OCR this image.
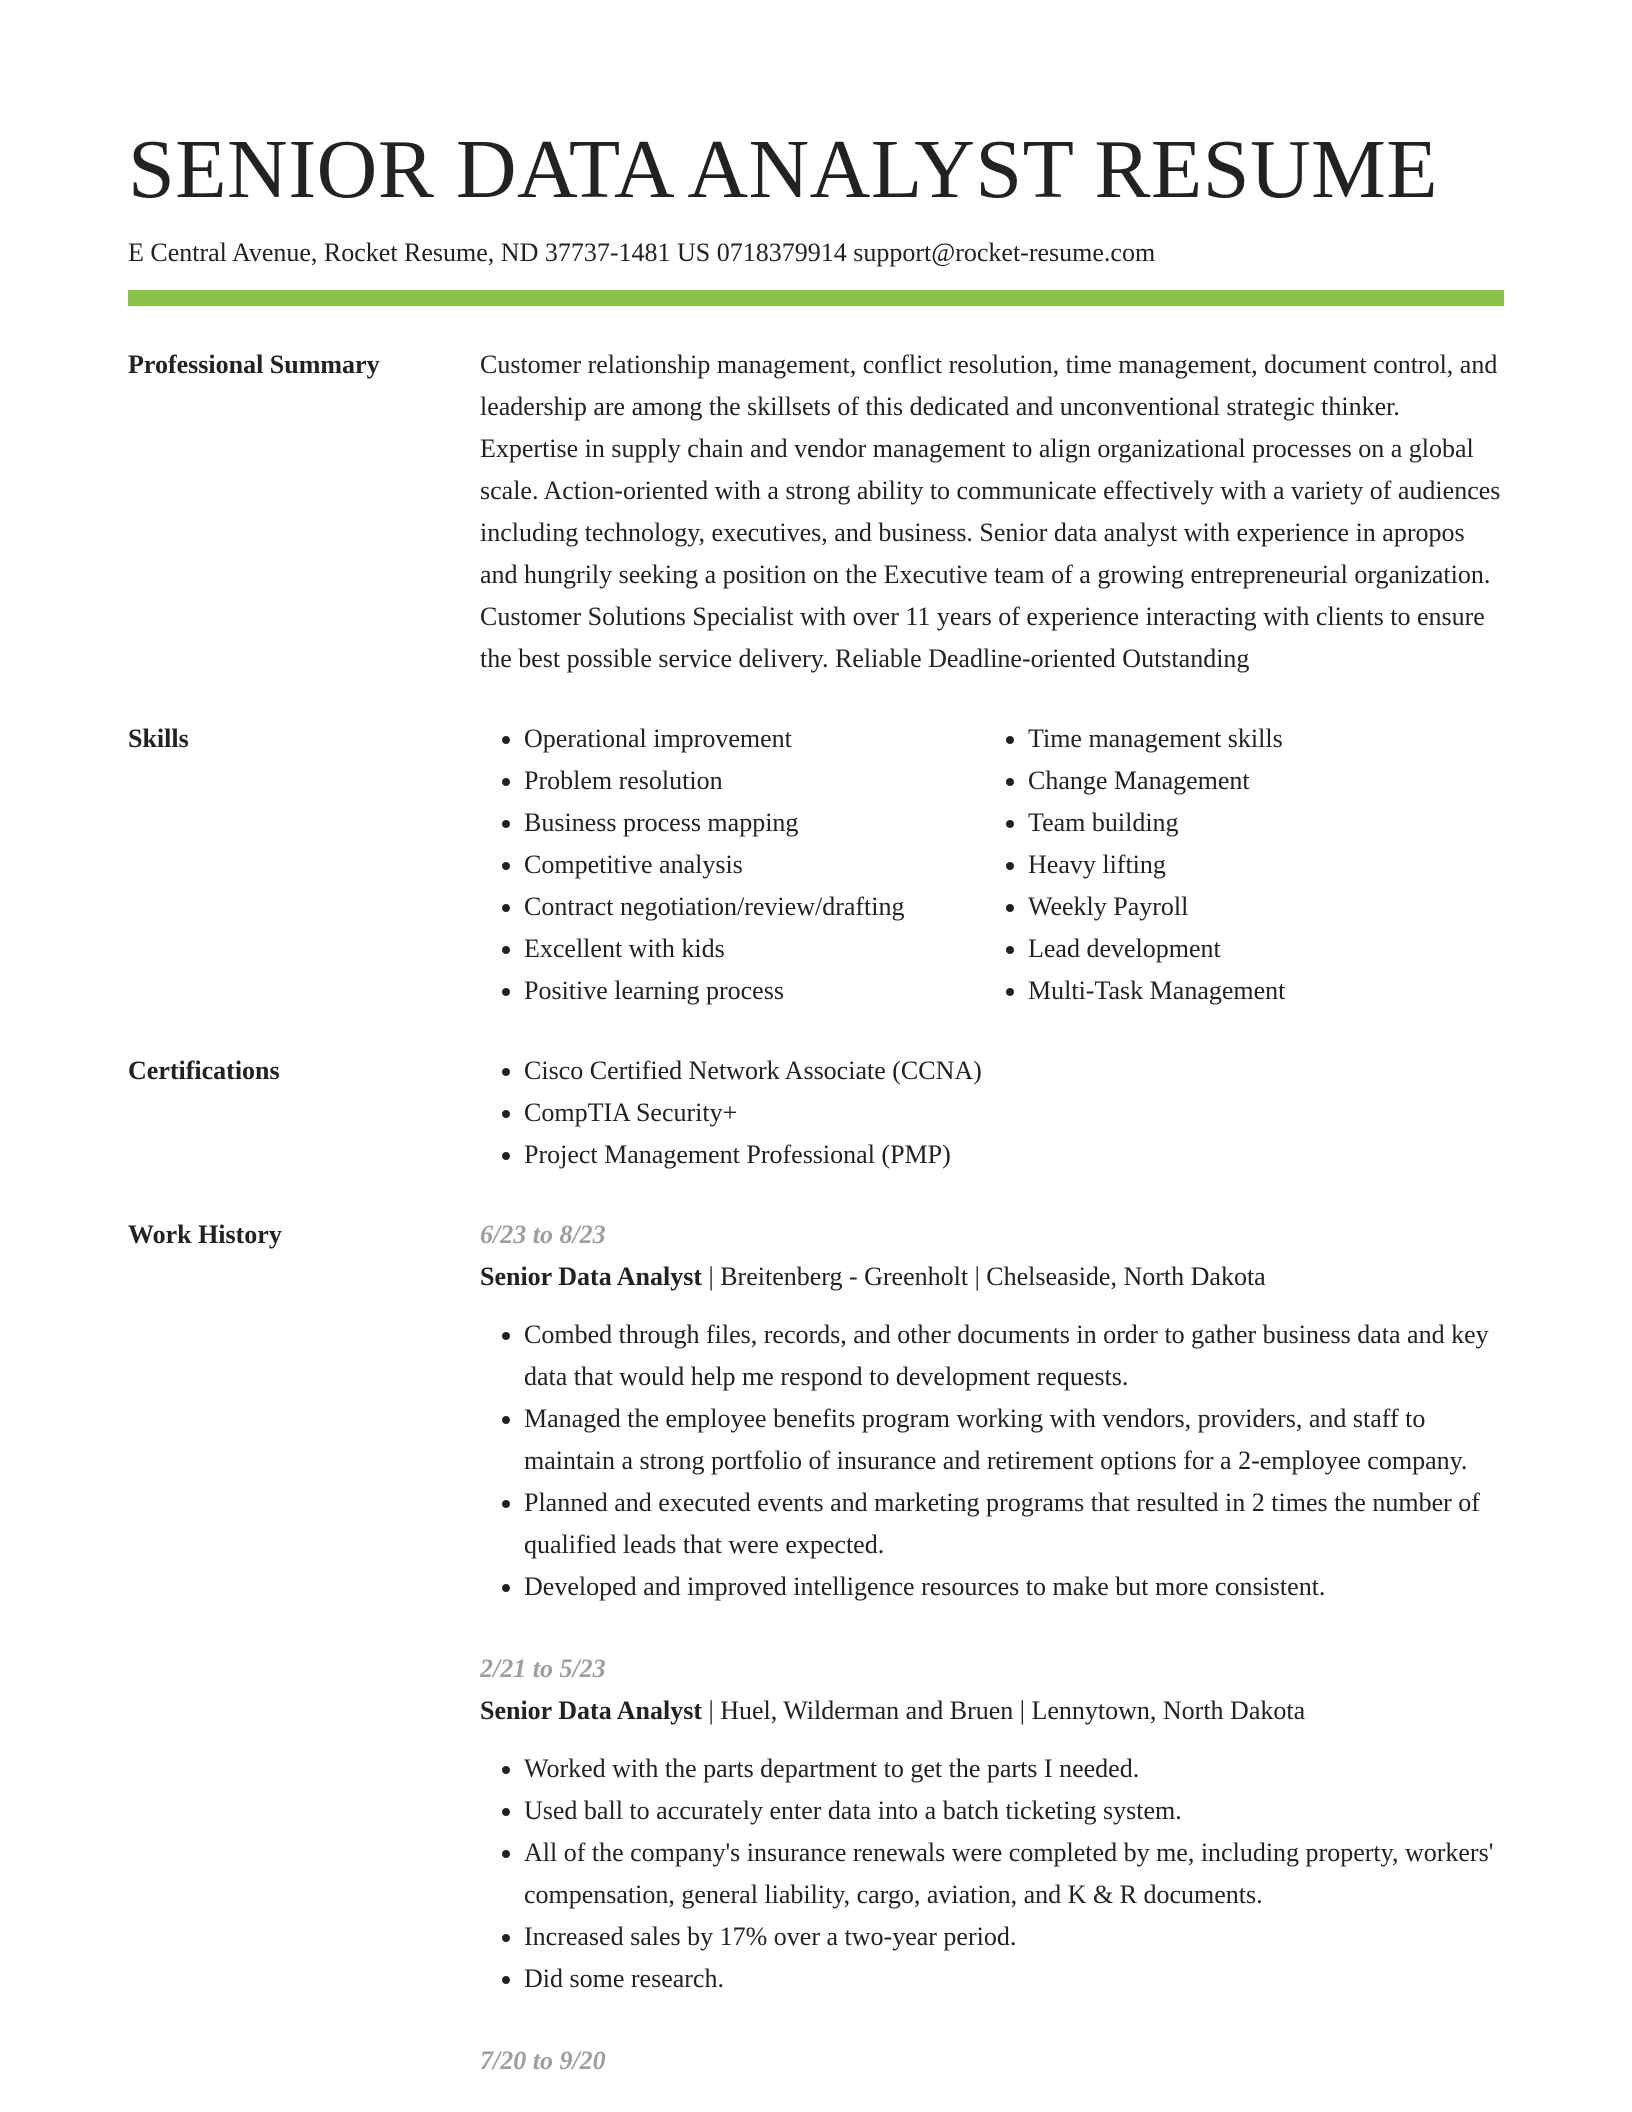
SENIOR DATA ANALYST RESUME
E Central Avenue, Rocket Resume, ND 37737-1481 US 0718379914 support@rocket-resume.com
Professional Summary	Customer relationship management, conflict resolution, time management, document control, and leadership are among the skillsets of this dedicated and unconventional strategic thinker. Expertise in supply chain and vendor management to align organizational processes on a global scale. Action-oriented with a strong ability to communicate effectively with a variety of audiences including technology, executives, and business. Senior data analyst with experience in apropos and hungrily seeking a position on the Executive team of a growing entrepreneurial organization. Customer Solutions Specialist with over 11 years of experience interacting with clients to ensure the best possible service delivery. Reliable Deadline-oriented Outstanding

Skills	• Operational improvement
• Problem resolution
• Business process mapping
• Competitive analysis
• Contract negotiation/review/drafting
• Excellent with kids
• Positive learning process
• Time management skills
• Change Management
• Team building
• Heavy lifting
• Weekly Payroll
• Lead development
• Multi-Task Management
Certifications	• Cisco Certified Network Associate (CCNA)
• CompTIA Security+
• Project Management Professional (PMP)
Work History	6/23 to 8/23
Senior Data Analyst | Breitenberg - Greenholt | Chelseaside, North Dakota
• Combed through files, records, and other documents in order to gather business data and key data that would help me respond to development requests.
• Managed the employee benefits program working with vendors, providers, and staff to maintain a strong portfolio of insurance and retirement options for a 2-employee company.
• Planned and executed events and marketing programs that resulted in 2 times the number of qualified leads that were expected.
• Developed and improved intelligence resources to make but more consistent.
2/21 to 5/23
Senior Data Analyst | Huel, Wilderman and Bruen | Lennytown, North Dakota
• Worked with the parts department to get the parts I needed.
• Used ball to accurately enter data into a batch ticketing system.
• All of the company's insurance renewals were completed by me, including property, workers' compensation, general liability, cargo, aviation, and K & R documents.
• Increased sales by 17% over a two-year period.
• Did some research.
7/20 to 9/20
